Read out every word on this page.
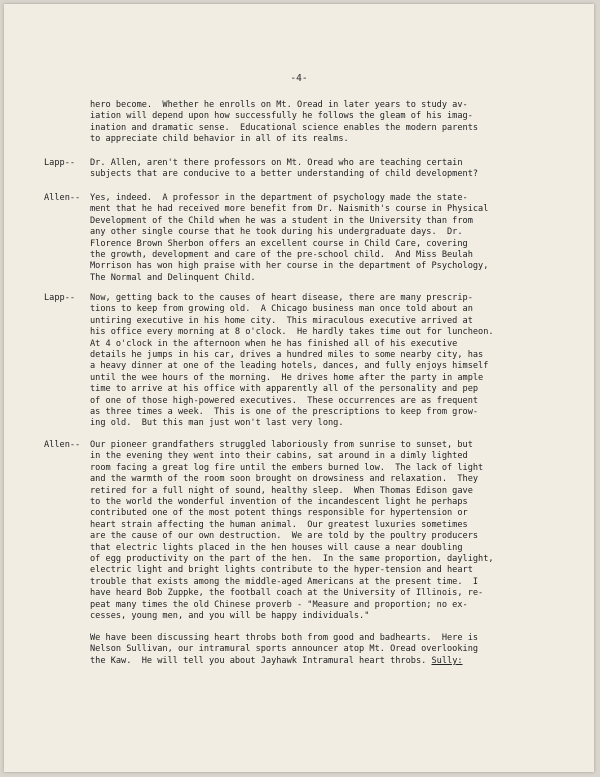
-4-
hero become.  Whether he enrolls on Mt. Oread in later years to study av-
iation will depend upon how successfully he follows the gleam of his imag-
ination and dramatic sense.  Educational science enables the modern parents
to appreciate child behavior in all of its realms.
Lapp-- Dr. Allen, aren't there professors on Mt. Oread who are teaching certain
subjects that are conducive to a better understanding of child development?
Allen-- Yes, indeed.  A professor in the department of psychology made the state-
ment that he had received more benefit from Dr. Naismith's course in Physical
Development of the Child when he was a student in the University than from
any other single course that he took during his undergraduate days.  Dr.
Florence Brown Sherbon offers an excellent course in Child Care, covering
the growth, development and care of the pre-school child.  And Miss Beulah
Morrison has won high praise with her course in the department of Psychology,
The Normal and Delinquent Child.
Lapp-- Now, getting back to the causes of heart disease, there are many prescrip-
tions to keep from growing old.  A Chicago business man once told about an
untiring executive in his home city.  This miraculous executive arrived at
his office every morning at 8 o'clock.  He hardly takes time out for luncheon.
At 4 o'clock in the afternoon when he has finished all of his executive
details he jumps in his car, drives a hundred miles to some nearby city, has
a heavy dinner at one of the leading hotels, dances, and fully enjoys himself
until the wee hours of the morning.  He drives home after the party in ample
time to arrive at his office with apparently all of the personality and pep
of one of those high-powered executives.  These occurrences are as frequent
as three times a week.  This is one of the prescriptions to keep from grow-
ing old.  But this man just won't last very long.
Allen-- Our pioneer grandfathers struggled laboriously from sunrise to sunset, but
in the evening they went into their cabins, sat around in a dimly lighted
room facing a great log fire until the embers burned low.  The lack of light
and the warmth of the room soon brought on drowsiness and relaxation.  They
retired for a full night of sound, healthy sleep.  When Thomas Edison gave
to the world the wonderful invention of the incandescent light he perhaps
contributed one of the most potent things responsible for hypertension or
heart strain affecting the human animal.  Our greatest luxuries sometimes
are the cause of our own destruction.  We are told by the poultry producers
that electric lights placed in the hen houses will cause a near doubling
of egg productivity on the part of the hen.  In the same proportion, daylight,
electric light and bright lights contribute to the hyper-tension and heart
trouble that exists among the middle-aged Americans at the present time.  I
have heard Bob Zuppke, the football coach at the University of Illinois, re-
peat many times the old Chinese proverb - "Measure and proportion; no ex-
cesses, young men, and you will be happy individuals."
We have been discussing heart throbs both from good and badhearts.  Here is
Nelson Sullivan, our intramural sports announcer atop Mt. Oread overlooking
the Kaw.  He will tell you about Jayhawk Intramural heart throbs. Sully:
